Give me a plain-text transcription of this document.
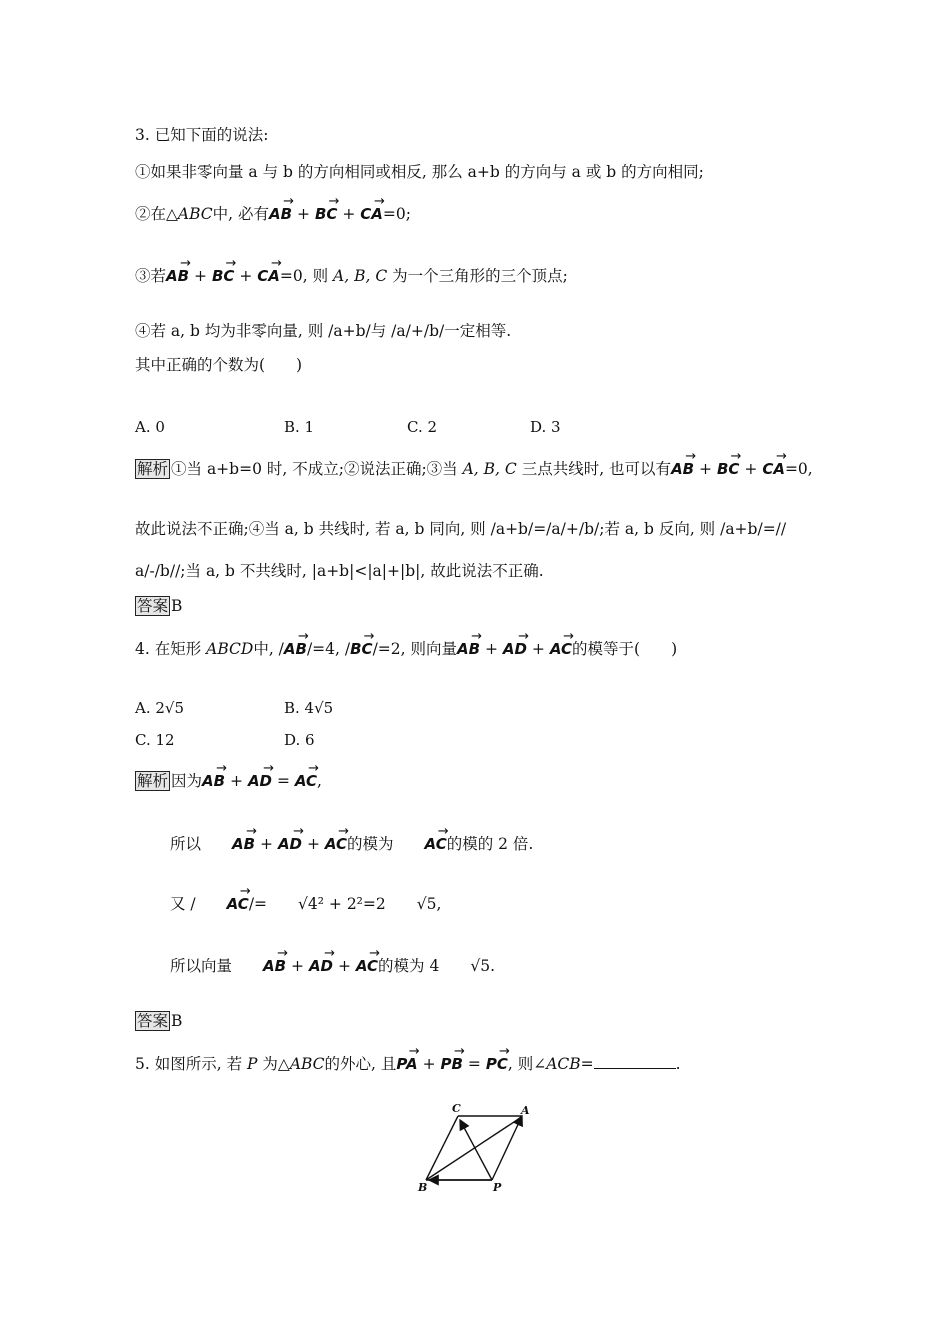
3. 已知下面的说法:
①如果非零向量 a 与 b 的方向相同或相反, 那么 a+b 的方向与 a 或 b 的方向相同;
②在△ABC中, 必有→ AB + → BC + → CA=0;
③若→ AB + → BC + → CA=0, 则 A, B, C 为一个三角形的三个顶点;
④若 a, b 均为非零向量, 则 /a+b/与 /a/+/b/一定相等.
其中正确的个数为(　　)
A. 0	B. 1	C. 2	D. 3
解析 ①当 a+b=0 时, 不成立;②说法正确;③当 A, B, C 三点共线时, 也可以有→ AB + → BC + → CA=0,
故此说法不正确;④当 a, b 共线时, 若 a, b 同向, 则 /a+b/=/a/+/b/;若 a, b 反向, 则 /a+b/=//
a/-/b//;当 a, b 不共线时, |a+b|<|a|+|b|, 故此说法不正确.
答案 B
4. 在矩形 ABCD中, /→ AB/=4, /→ BC/=2, 则向量→ AB + → AD + → AC的模等于(　　)
A. 2√5	B. 4√5
C. 12	D. 6
解析 因为→ AB + → AD = → AC,
所以   → AB + → AD + → AC的模为   → AC的模的 2 倍.
又 /   → AC/=   √4² + 2²=2   √5,
所以向量   → AB + → AD + → AC的模为 4   √5.
答案 B
5. 如图所示, 若 P 为△ABC的外心, 且→ PA + → PB = → PC, 则∠ACB=	.
C	A
B	P
